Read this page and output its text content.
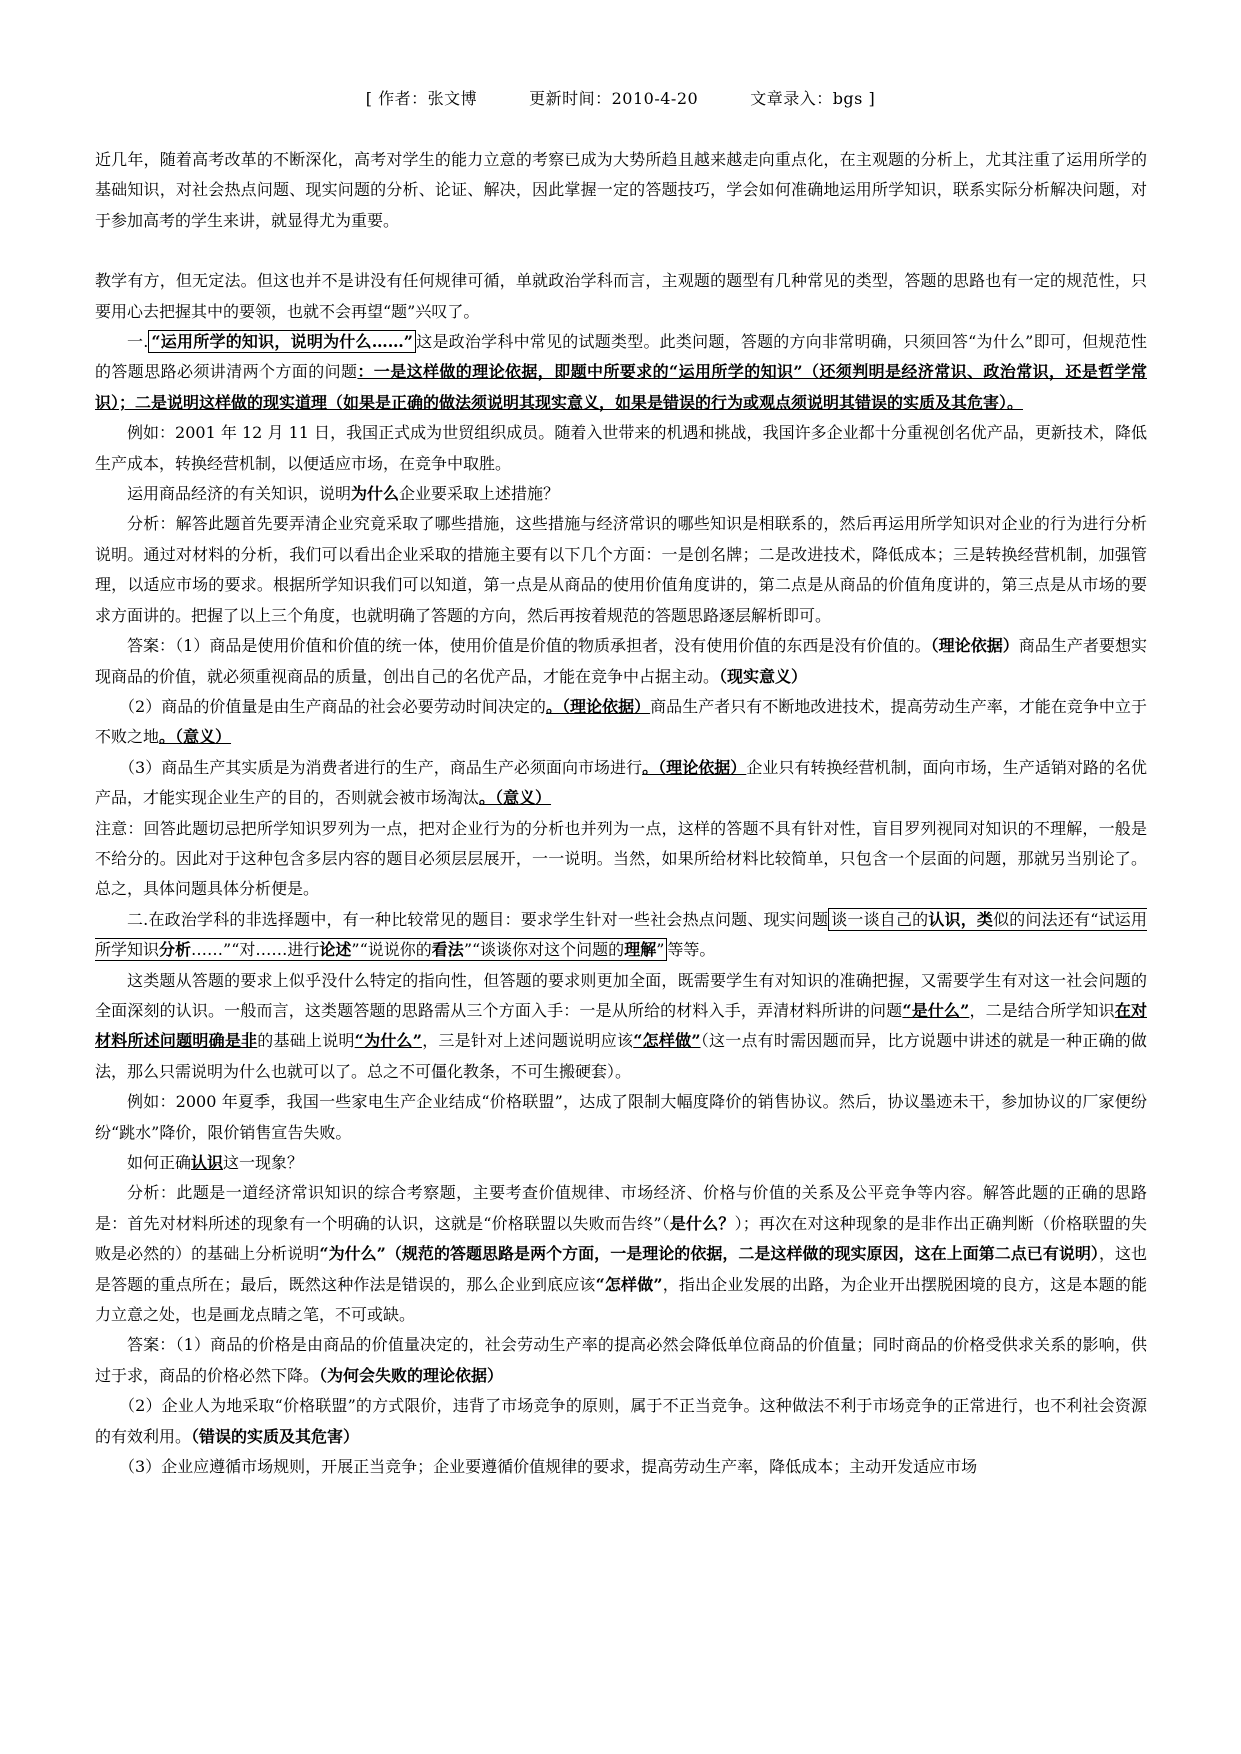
[ 作者：张文博	更新时间：2010-4-20	文章录入：bgs ]

近几年，随着高考改革的不断深化，高考对学生的能力立意的考察已成为大势所趋且越来越走向重点化，在主观题的分析上，尤其注重了运用所学的基础知识，对社会热点问题、现实问题的分析、论证、解决，因此掌握一定的答题技巧，学会如何准确地运用所学知识，联系实际分析解决问题，对于参加高考的学生来讲，就显得尤为重要。

教学有方，但无定法。但这也并不是讲没有任何规律可循，单就政治学科而言，主观题的题型有几种常见的类型，答题的思路也有一定的规范性，只要用心去把握其中的要领，也就不会再望“题”兴叹了。

一. “运用所学的知识，说明为什么……” 这是政治学科中常见的试题类型。此类问题，答题的方向非常明确，只须回答“为什么”即可，但规范性的答题思路必须讲清两个方面的问题：一是这样做的理论依据，即题中所要求的“运用所学的知识”（还须判明是经济常识、政治常识，还是哲学常识）；二是说明这样做的现实道理（如果是正确的做法须说明其现实意义，如果是错误的行为或观点须说明其错误的实质及其危害）。

例如：2001 年 12 月 11 日，我国正式成为世贸组织成员。随着入世带来的机遇和挑战，我国许多企业都十分重视创名优产品，更新技术，降低生产成本，转换经营机制，以便适应市场，在竞争中取胜。

运用商品经济的有关知识，说明为什么企业要采取上述措施？

分析：解答此题首先要弄清企业究竟采取了哪些措施，这些措施与经济常识的哪些知识是相联系的，然后再运用所学知识对企业的行为进行分析说明。通过对材料的分析，我们可以看出企业采取的措施主要有以下几个方面：一是创名牌；二是改进技术，降低成本；三是转换经营机制，加强管理，以适应市场的要求。根据所学知识我们可以知道，第一点是从商品的使用价值角度讲的，第二点是从商品的价值角度讲的，第三点是从市场的要求方面讲的。把握了以上三个角度，也就明确了答题的方向，然后再按着规范的答题思路逐层解析即可。

答案：（1）商品是使用价值和价值的统一体，使用价值是价值的物质承担者，没有使用价值的东西是没有价值的。（理论依据）商品生产者要想实现商品的价值，就必须重视商品的质量，创出自己的名优产品，才能在竞争中占据主动。（现实意义）

（2）商品的价值量是由生产商品的社会必要劳动时间决定的。（理论依据）商品生产者只有不断地改进技术，提高劳动生产率，才能在竞争中立于不败之地。（意义）

（3）商品生产其实质是为消费者进行的生产，商品生产必须面向市场进行。（理论依据）企业只有转换经营机制，面向市场，生产适销对路的名优产品，才能实现企业生产的目的，否则就会被市场淘汰。（意义）

注意：回答此题切忌把所学知识罗列为一点，把对企业行为的分析也并列为一点，这样的答题不具有针对性，盲目罗列视同对知识的不理解，一般是不给分的。因此对于这种包含多层内容的题目必须层层展开，一一说明。当然，如果所给材料比较简单，只包含一个层面的问题，那就另当别论了。总之，具体问题具体分析便是。

二.在政治学科的非选择题中，有一种比较常见的题目：要求学生针对一些社会热点问题、现实问题 谈一谈自己的认识，类似的问法还有“试运用所学知识分析……”“对……进行论述”“说说你的看法”“谈谈你对这个问题的理解” 等等。

这类题从答题的要求上似乎没什么特定的指向性，但答题的要求则更加全面，既需要学生有对知识的准确把握，又需要学生有对这一社会问题的全面深刻的认识。一般而言，这类题答题的思路需从三个方面入手：一是从所给的材料入手，弄清材料所讲的问题“是什么”，二是结合所学知识在对材料所述问题明确是非的基础上说明“为什么”，三是针对上述问题说明应该“怎样做”（这一点有时需因题而异，比方说题中讲述的就是一种正确的做法，那么只需说明为什么也就可以了。总之不可僵化教条，不可生搬硬套）。

例如：2000 年夏季，我国一些家电生产企业结成“价格联盟”，达成了限制大幅度降价的销售协议。然后，协议墨迹未干，参加协议的厂家便纷纷“跳水”降价，限价销售宣告失败。

如何正确认识这一现象？

分析：此题是一道经济常识知识的综合考察题，主要考查价值规律、市场经济、价格与价值的关系及公平竞争等内容。解答此题的正确的思路是：首先对材料所述的现象有一个明确的认识，这就是“价格联盟以失败而告终”（是什么？）；再次在对这种现象的是非作出正确判断（价格联盟的失败是必然的）的基础上分析说明“为什么”（规范的答题思路是两个方面，一是理论的依据，二是这样做的现实原因，这在上面第二点已有说明），这也是答题的重点所在；最后，既然这种作法是错误的，那么企业到底应该“怎样做”，指出企业发展的出路，为企业开出摆脱困境的良方，这是本题的能力立意之处，也是画龙点睛之笔，不可或缺。

答案：（1）商品的价格是由商品的价值量决定的，社会劳动生产率的提高必然会降低单位商品的价值量；同时商品的价格受供求关系的影响，供过于求，商品的价格必然下降。（为何会失败的理论依据）

（2）企业人为地采取“价格联盟”的方式限价，违背了市场竞争的原则，属于不正当竞争。这种做法不利于市场竞争的正常进行，也不利社会资源的有效利用。（错误的实质及其危害）

（3）企业应遵循市场规则，开展正当竞争；企业要遵循价值规律的要求，提高劳动生产率，降低成本；主动开发适应市场
